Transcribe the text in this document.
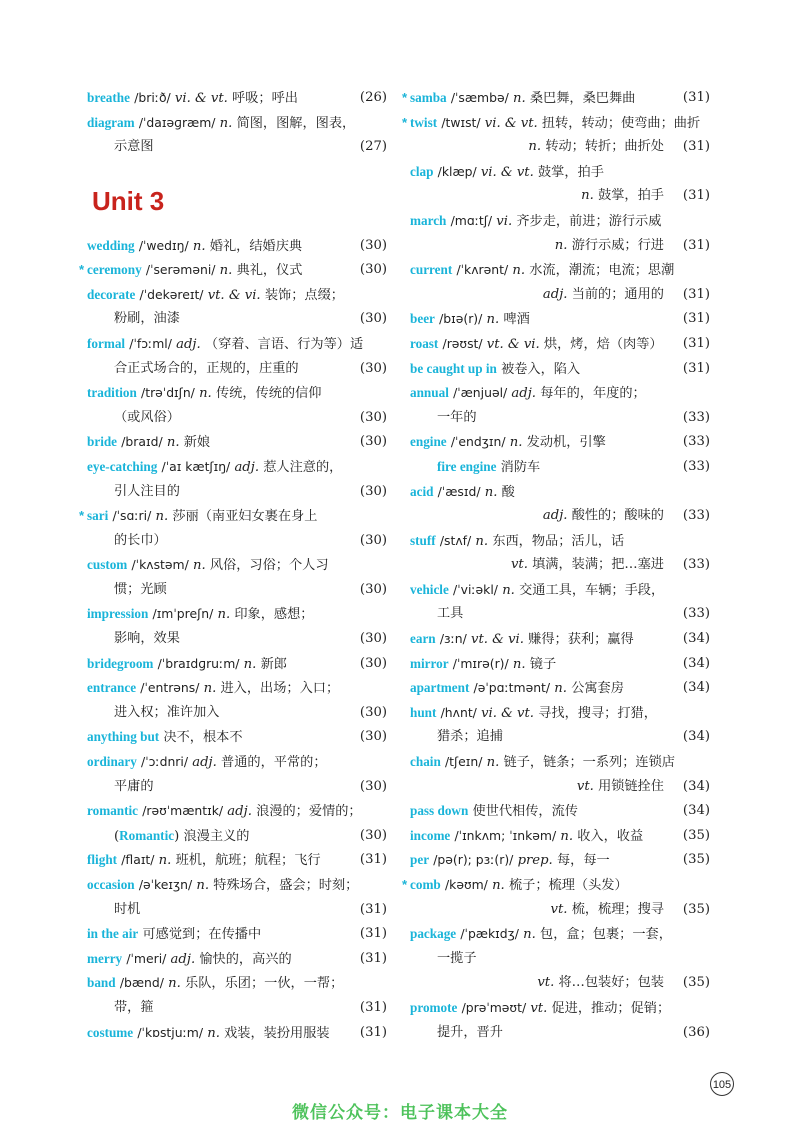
breathe /briːð/ vi. & vt. 呼吸；呼出	(26)
diagram /ˈdaɪəɡræm/ n. 简图，图解，图表，
示意图	(27)
wedding /ˈwedɪŋ/ n. 婚礼，结婚庆典	(30)
* ceremony /ˈserəməni/ n. 典礼，仪式	(30)
decorate /ˈdekəreɪt/ vt. & vi. 装饰；点缀；
粉刷，油漆	(30)
formal /ˈfɔːml/ adj. （穿着、言语、行为等）适
合正式场合的，正规的，庄重的	(30)
tradition /trəˈdɪʃn/ n. 传统，传统的信仰
（或风俗）	(30)
bride /braɪd/ n. 新娘	(30)
eye-catching /ˈaɪ kætʃɪŋ/ adj. 惹人注意的，
引人注目的	(30)
* sari /ˈsɑːri/ n. 莎丽（南亚妇女裹在身上
的长巾）	(30)
custom /ˈkʌstəm/ n. 风俗，习俗；个人习
惯；光顾	(30)
impression /ɪmˈpreʃn/ n. 印象，感想；
影响，效果	(30)
bridegroom /ˈbraɪdɡruːm/ n. 新郎	(30)
entrance /ˈentrəns/ n. 进入，出场；入口；
进入权；准许加入	(30)
anything but 决不，根本不	(30)
ordinary /ˈɔːdnri/ adj. 普通的，平常的；
平庸的	(30)
romantic /rəʊˈmæntɪk/ adj. 浪漫的；爱情的；
(Romantic) 浪漫主义的	(30)
flight /flaɪt/ n. 班机，航班；航程；飞行	(31)
occasion /əˈkeɪʒn/ n. 特殊场合，盛会；时刻；
时机	(31)
in the air 可感觉到；在传播中	(31)
merry /ˈmeri/ adj. 愉快的，高兴的	(31)
band /bænd/ n. 乐队，乐团；一伙，一帮；
带，箍	(31)
costume /ˈkɒstjuːm/ n. 戏装，装扮用服装 (31)
* samba /ˈsæmbə/ n. 桑巴舞，桑巴舞曲	(31)
* twist /twɪst/ vi. & vt. 扭转，转动；使弯曲；曲折
n. 转动；转折；曲折处	(31)
clap /klæp/ vi. & vt. 鼓掌，拍手
n. 鼓掌，拍手	(31)
march /mɑːtʃ/ vi. 齐步走，前进；游行示威
n. 游行示威；行进	(31)
current /ˈkʌrənt/ n. 水流，潮流；电流；思潮
adj. 当前的；通用的	(31)
beer /bɪə(r)/ n. 啤酒	(31)
roast /rəʊst/ vt. & vi. 烘，烤，焙（肉等） (31)
be caught up in 被卷入，陷入	(31)
annual /ˈænjuəl/ adj. 每年的，年度的；
一年的	(33)
engine /ˈendʒɪn/ n. 发动机，引擎	(33)
fire engine 消防车	(33)
acid /ˈæsɪd/ n. 酸
adj. 酸性的；酸味的	(33)
stuff /stʌf/ n. 东西，物品；活儿，话
vt. 填满，装满；把…塞进	(33)
vehicle /ˈviːəkl/ n. 交通工具，车辆；手段，
工具	(33)
earn /ɜːn/ vt. & vi. 赚得；获利；赢得	(34)
mirror /ˈmɪrə(r)/ n. 镜子	(34)
apartment /əˈpɑːtmənt/ n. 公寓套房	(34)
hunt /hʌnt/ vi. & vt. 寻找，搜寻；打猎，
猎杀；追捕	(34)
chain /tʃeɪn/ n. 链子，链条；一系列；连锁店
vt. 用锁链拴住	(34)
pass down 使世代相传，流传	(34)
income /ˈɪnkʌm; ˈɪnkəm/ n. 收入，收益	(35)
per /pə(r); pɜː(r)/ prep. 每，每一	(35)
* comb /kəʊm/ n. 梳子；梳理（头发）
vt. 梳，梳理；搜寻	(35)
package /ˈpækɪdʒ/ n. 包，盒；包裹；一套，
一揽子
vt. 将…包装好；包装	(35)
promote /prəˈməʊt/ vt. 促进，推动；促销；
提升，晋升	(36)
Unit 3
105
微信公众号：电子课本大全
